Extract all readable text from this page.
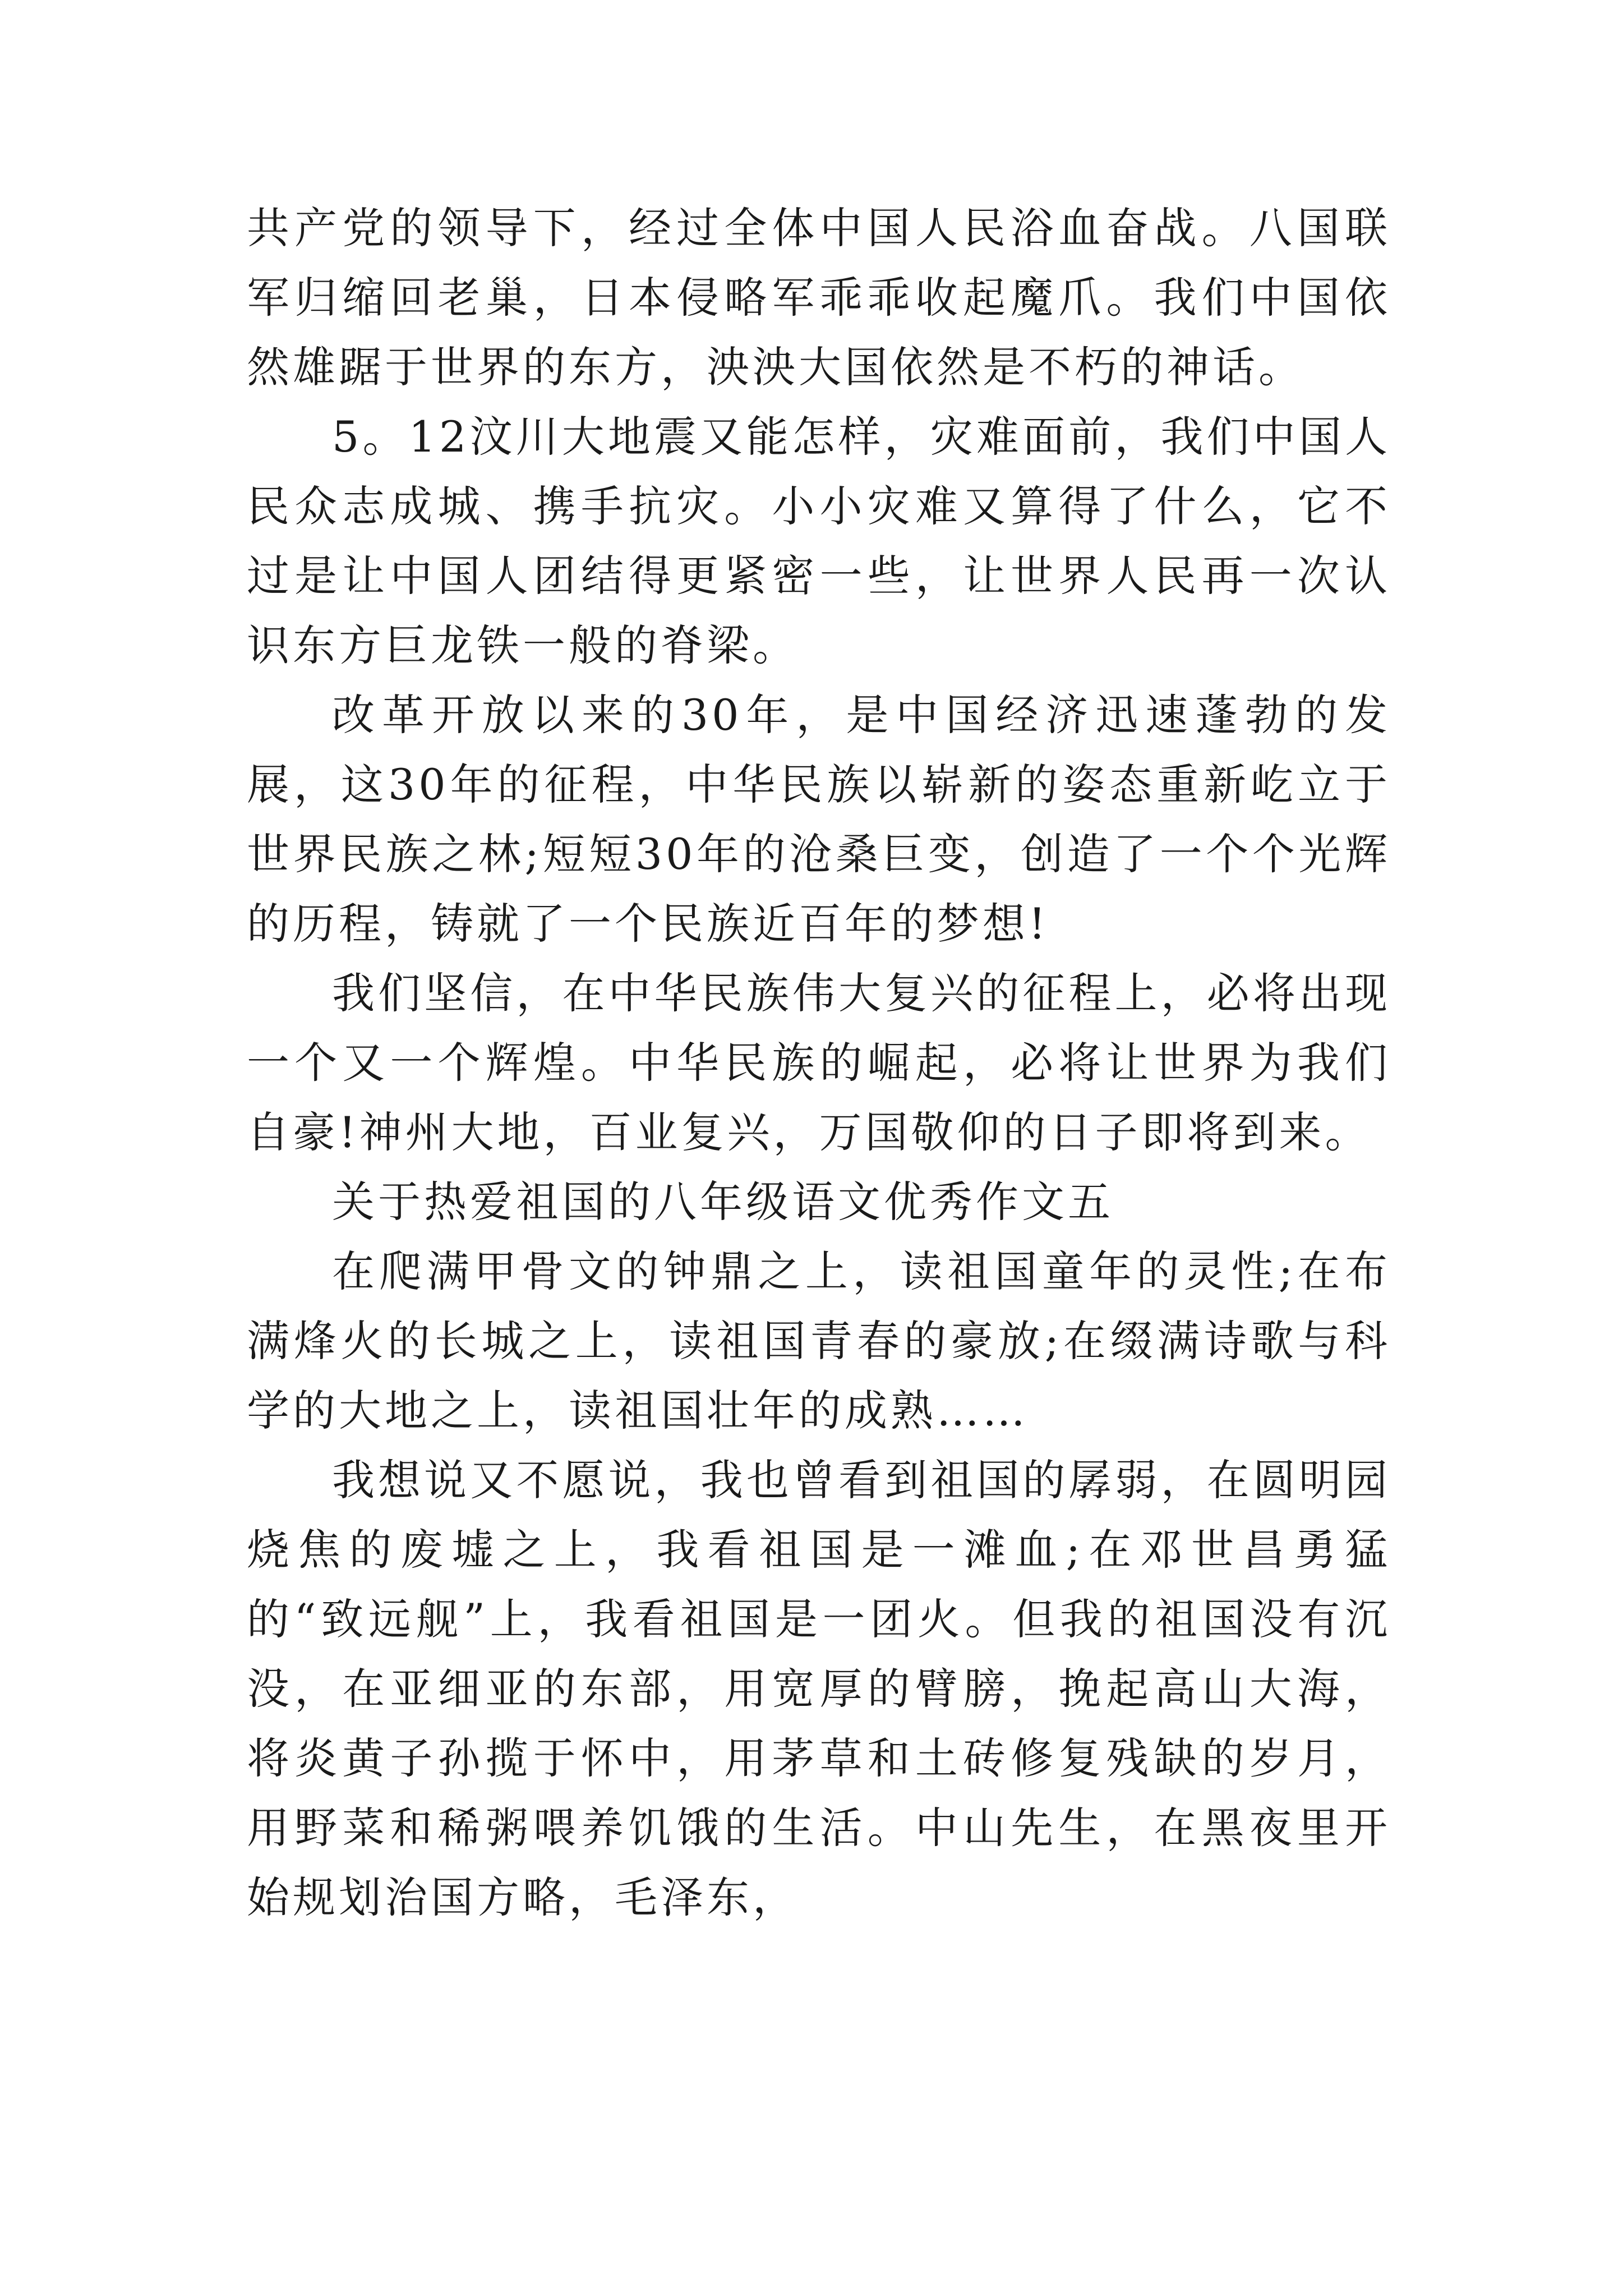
共产党的领导下，经过全体中国人民浴血奋战。八国联军归缩回老巢，日本侵略军乖乖收起魔爪。我们中国依然雄踞于世界的东方，泱泱大国依然是不朽的神话。

5。12汶川大地震又能怎样，灾难面前，我们中国人民众志成城、携手抗灾。小小灾难又算得了什么，它不过是让中国人团结得更紧密一些，让世界人民再一次认识东方巨龙铁一般的脊梁。

改革开放以来的30年，是中国经济迅速蓬勃的发展，这30年的征程，中华民族以崭新的姿态重新屹立于世界民族之林;短短30年的沧桑巨变，创造了一个个光辉的历程，铸就了一个民族近百年的梦想!

我们坚信，在中华民族伟大复兴的征程上，必将出现一个又一个辉煌。中华民族的崛起，必将让世界为我们自豪!神州大地，百业复兴，万国敬仰的日子即将到来。

关于热爱祖国的八年级语文优秀作文五

在爬满甲骨文的钟鼎之上，读祖国童年的灵性;在布满烽火的长城之上，读祖国青春的豪放;在缀满诗歌与科学的大地之上，读祖国壮年的成熟……

我想说又不愿说，我也曾看到祖国的孱弱，在圆明园烧焦的废墟之上，我看祖国是一滩血;在邓世昌勇猛的“致远舰”上，我看祖国是一团火。但我的祖国没有沉没，在亚细亚的东部，用宽厚的臂膀，挽起高山大海，将炎黄子孙揽于怀中，用茅草和土砖修复残缺的岁月，用野菜和稀粥喂养饥饿的生活。中山先生，在黑夜里开始规划治国方略，毛泽东，
